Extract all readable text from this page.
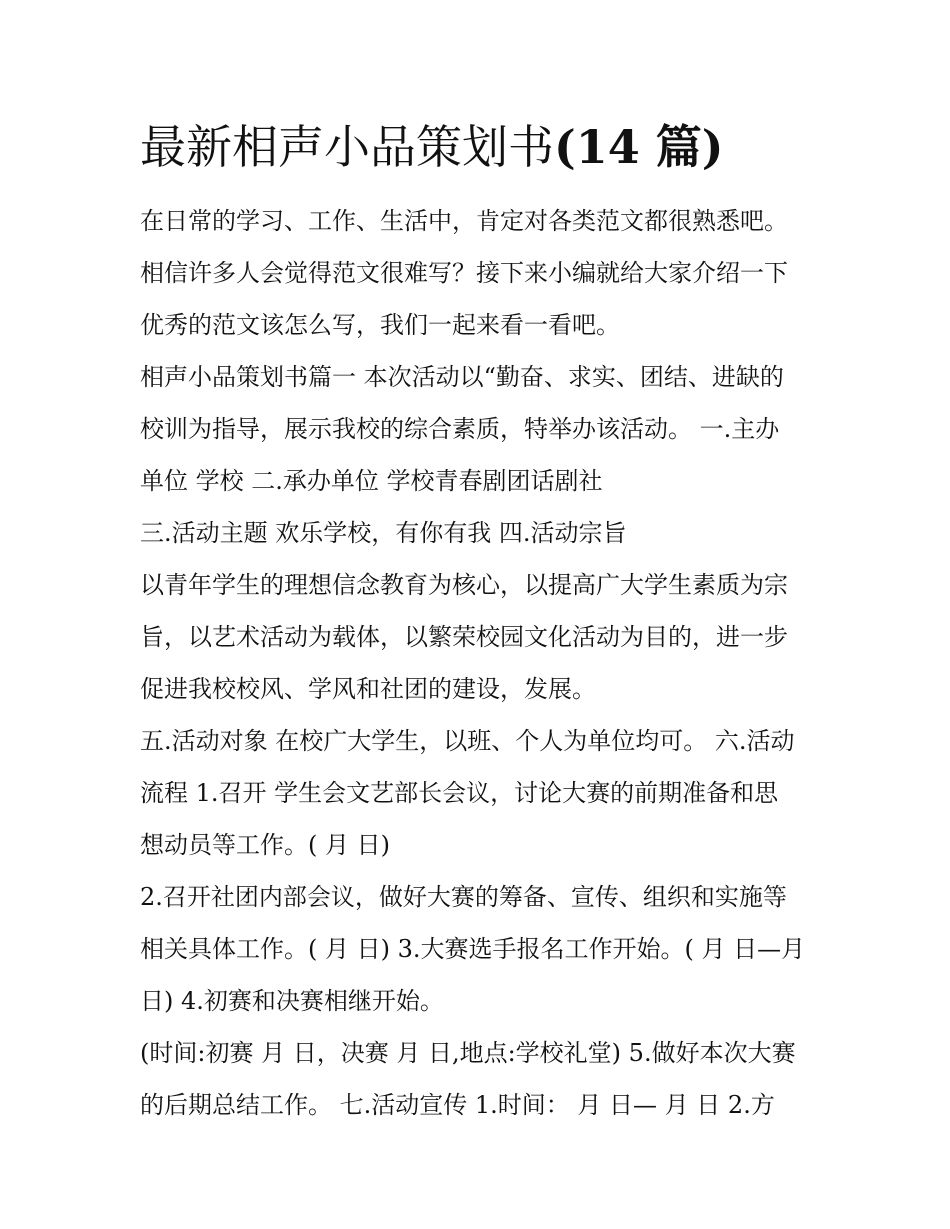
最新相声小品策划书(14 篇)

在日常的学习、工作、生活中，肯定对各类范文都很熟悉吧。

相信许多人会觉得范文很难写？接下来小编就给大家介绍一下

优秀的范文该怎么写，我们一起来看一看吧。

相声小品策划书篇一 本次活动以“勤奋、求实、团结、进缺的

校训为指导，展示我校的综合素质，特举办该活动。 一.主办

单位 学校 二.承办单位 学校青春剧团话剧社

三.活动主题 欢乐学校，有你有我 四.活动宗旨

以青年学生的理想信念教育为核心，以提高广大学生素质为宗

旨，以艺术活动为载体，以繁荣校园文化活动为目的，进一步

促进我校校风、学风和社团的建设，发展。

五.活动对象 在校广大学生，以班、个人为单位均可。 六.活动

流程 1.召开 学生会文艺部长会议，讨论大赛的前期准备和思

想动员等工作。( 月 日)

2.召开社团内部会议，做好大赛的筹备、宣传、组织和实施等

相关具体工作。( 月 日) 3.大赛选手报名工作开始。( 月 日—月

日) 4.初赛和决赛相继开始。

(时间:初赛 月 日，决赛 月 日,地点:学校礼堂) 5.做好本次大赛

的后期总结工作。 七.活动宣传 1.时间： 月 日— 月 日 2.方
